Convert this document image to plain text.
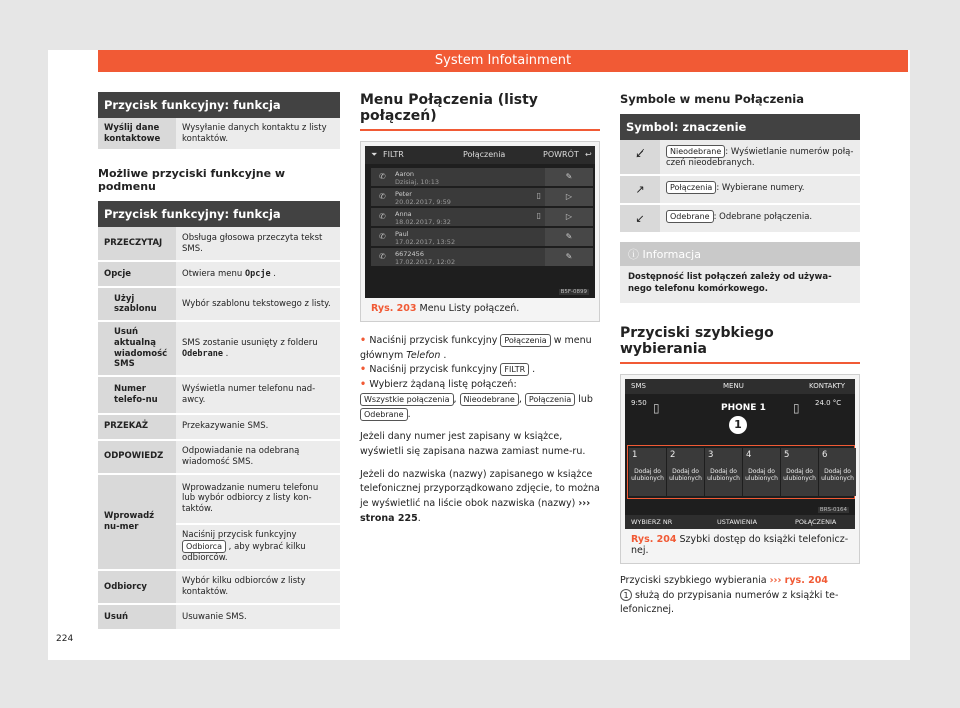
System Infotainment
Przycisk funkcyjny: funkcja
Wyślij dane kontaktowe	Wysyłanie danych kontaktu z listy kontaktów.
Możliwe przyciski funkcyjne w podmenu
Przycisk funkcyjny: funkcja
PRZECZYTAJ	Obsługa głosowa przeczyta tekst SMS.
Opcje	Otwiera menu Opcje .
Użyj szablonu	Wybór szablonu tekstowego z listy.
Usuń aktualną wiadomość SMS	SMS zostanie usunięty z folderu Odebrane .
Numer telefo-nu	Wyświetla numer telefonu nad-awcy.
PRZEKAŻ	Przekazywanie SMS.
ODPOWIEDZ	Odpowiadanie na odebraną wiadomość SMS.
Wprowadź nu-mer	Wprowadzanie numeru telefonu lub wybór odbiorcy z listy kon-taktów.
	Naciśnij przycisk funkcyjny Odbiorca , aby wybrać kilku odbiorców.
Odbiorcy	Wybór kilku odbiorców z listy kontaktów.
Usuń	Usuwanie SMS.
Menu Połączenia (listy połączeń)
⏷ FILTR	Połączenia	POWRÓT ↩
✆ Aaron
Dzisiaj, 10:13
✎
✆ Peter
20.02.2017, 9:59
▯	▷
✆ Anna
18.02.2017, 9:32
▯	▷
✆ Paul
17.02.2017, 13:52
✎
✆ 6672456
17.02.2017, 12:02
✎
B5F-0899
Rys. 203 Menu Listy połączeń.
• Naciśnij przycisk funkcyjny Połączenia w menu głównym Telefon .
• Naciśnij przycisk funkcyjny FILTR .
• Wybierz żądaną listę połączeń:
Wszystkie połączenia , Nieodebrane , Połączenia lub Odebrane .
Jeżeli dany numer jest zapisany w książce, wyświetli się zapisana nazwa zamiast nume-ru.
Jeżeli do nazwiska (nazwy) zapisanego w książce telefonicznej przyporządkowano zdjęcie, to można je wyświetlić na liście obok nazwiska (nazwy) ››› strona 225.
Symbole w menu Połączenia
Symbol: znaczenie
↙̸	Nieodebrane : Wyświetlanie numerów połą-czeń nieodebranych.
↗	Połączenia : Wybierane numery.
↙	Odebrane : Odebrane połączenia.
ⓘ Informacja
Dostępność list połączeń zależy od używa-nego telefonu komórkowego.
Przyciski szybkiego wybierania
SMS	MENU	KONTAKTY
9:50	24.0 °C
▯	▯
PHONE 1
1
1
Dodaj do ulubionych
2
Dodaj do ulubionych
3
Dodaj do ulubionych
4
Dodaj do ulubionych
5
Dodaj do ulubionych
6
Dodaj do ulubionych
WYBIERZ NR	USTAWIENIA	POŁĄCZENIA
BRS-0164
Rys. 204 Szybki dostęp do książki telefonicz-nej.
Przyciski szybkiego wybierania ››› rys. 204
1 służą do przypisania numerów z książki te-lefonicznej.
224
